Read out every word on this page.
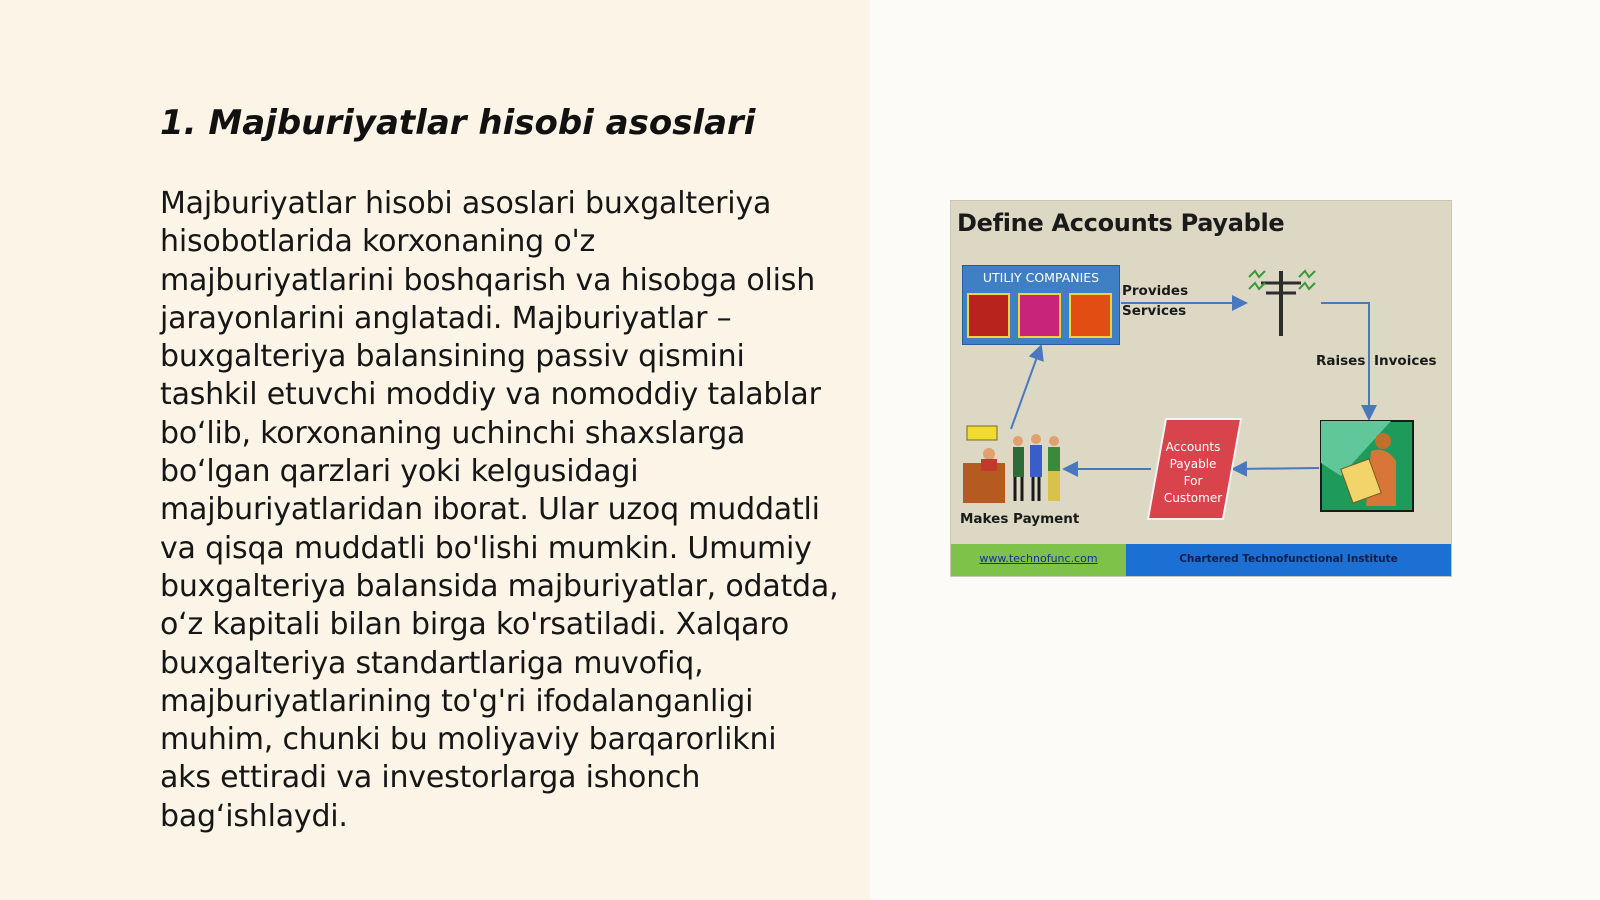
1. Majburiyatlar hisobi asoslari
Majburiyatlar hisobi asoslari buxgalteriya
hisobotlarida korxonaning o'z
majburiyatlarini boshqarish va hisobga olish
jarayonlarini anglatadi. Majburiyatlar –
buxgalteriya balansining passiv qismini
tashkil etuvchi moddiy va nomoddiy talablar
bo‘lib, korxonaning uchinchi shaxslarga
bo‘lgan qarzlari yoki kelgusidagi
majburiyatlaridan iborat. Ular uzoq muddatli
va qisqa muddatli bo'lishi mumkin. Umumiy
buxgalteriya balansida majburiyatlar, odatda,
o‘z kapitali bilan birga ko'rsatiladi. Xalqaro
buxgalteriya standartlariga muvofiq,
majburiyatlarining to'g'ri ifodalanganligi
muhim, chunki bu moliyaviy barqarorlikni
aks ettiradi va investorlarga ishonch
bag‘ishlaydi.
Define Accounts Payable
UTILIY COMPANIES
Provides
Services
Raises Invoices
Makes Payment
Accounts
Payable
For
Customer
www.technofunc.com	Chartered Technofunctional Institute
